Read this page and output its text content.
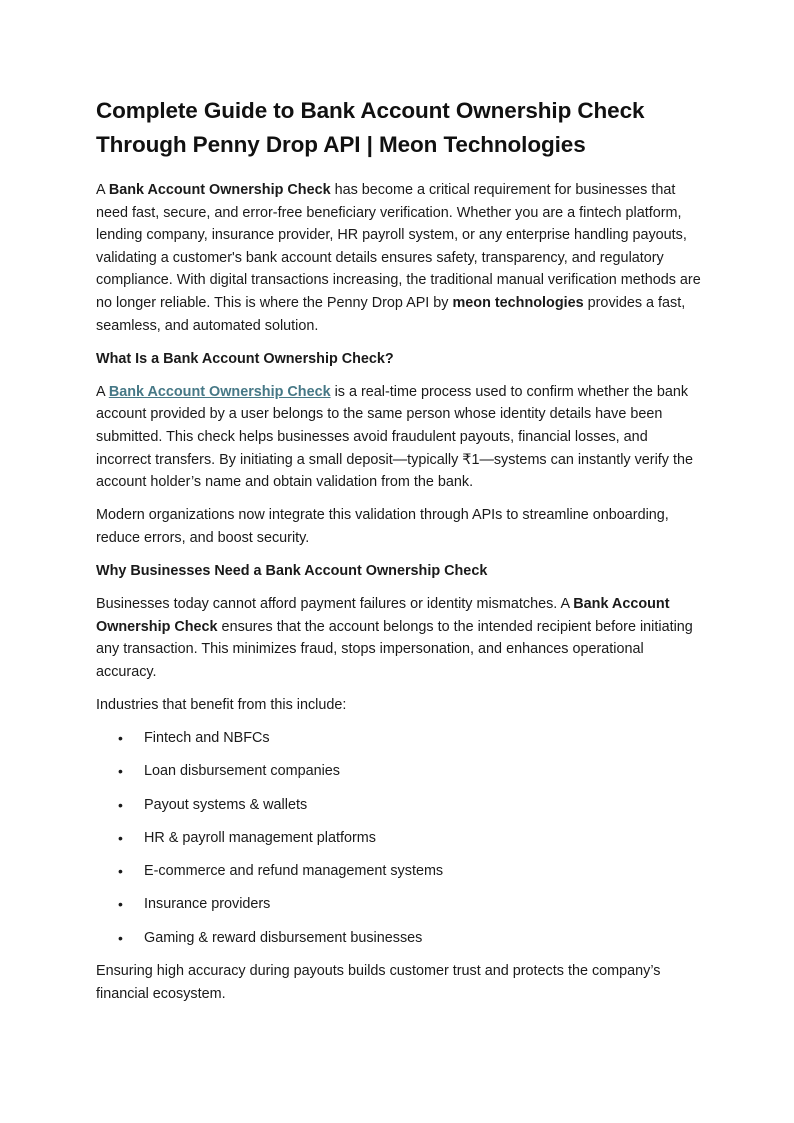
Complete Guide to Bank Account Ownership Check Through Penny Drop API | Meon Technologies

A Bank Account Ownership Check has become a critical requirement for businesses that need fast, secure, and error-free beneficiary verification. Whether you are a fintech platform, lending company, insurance provider, HR payroll system, or any enterprise handling payouts, validating a customer's bank account details ensures safety, transparency, and regulatory compliance. With digital transactions increasing, the traditional manual verification methods are no longer reliable. This is where the Penny Drop API by meon technologies provides a fast, seamless, and automated solution.

What Is a Bank Account Ownership Check?

A Bank Account Ownership Check is a real-time process used to confirm whether the bank account provided by a user belongs to the same person whose identity details have been submitted. This check helps businesses avoid fraudulent payouts, financial losses, and incorrect transfers. By initiating a small deposit—typically ₹1—systems can instantly verify the account holder’s name and obtain validation from the bank.

Modern organizations now integrate this validation through APIs to streamline onboarding, reduce errors, and boost security.

Why Businesses Need a Bank Account Ownership Check

Businesses today cannot afford payment failures or identity mismatches. A Bank Account Ownership Check ensures that the account belongs to the intended recipient before initiating any transaction. This minimizes fraud, stops impersonation, and enhances operational accuracy.

Industries that benefit from this include:

• Fintech and NBFCs
• Loan disbursement companies
• Payout systems & wallets
• HR & payroll management platforms
• E-commerce and refund management systems
• Insurance providers
• Gaming & reward disbursement businesses

Ensuring high accuracy during payouts builds customer trust and protects the company’s financial ecosystem.
